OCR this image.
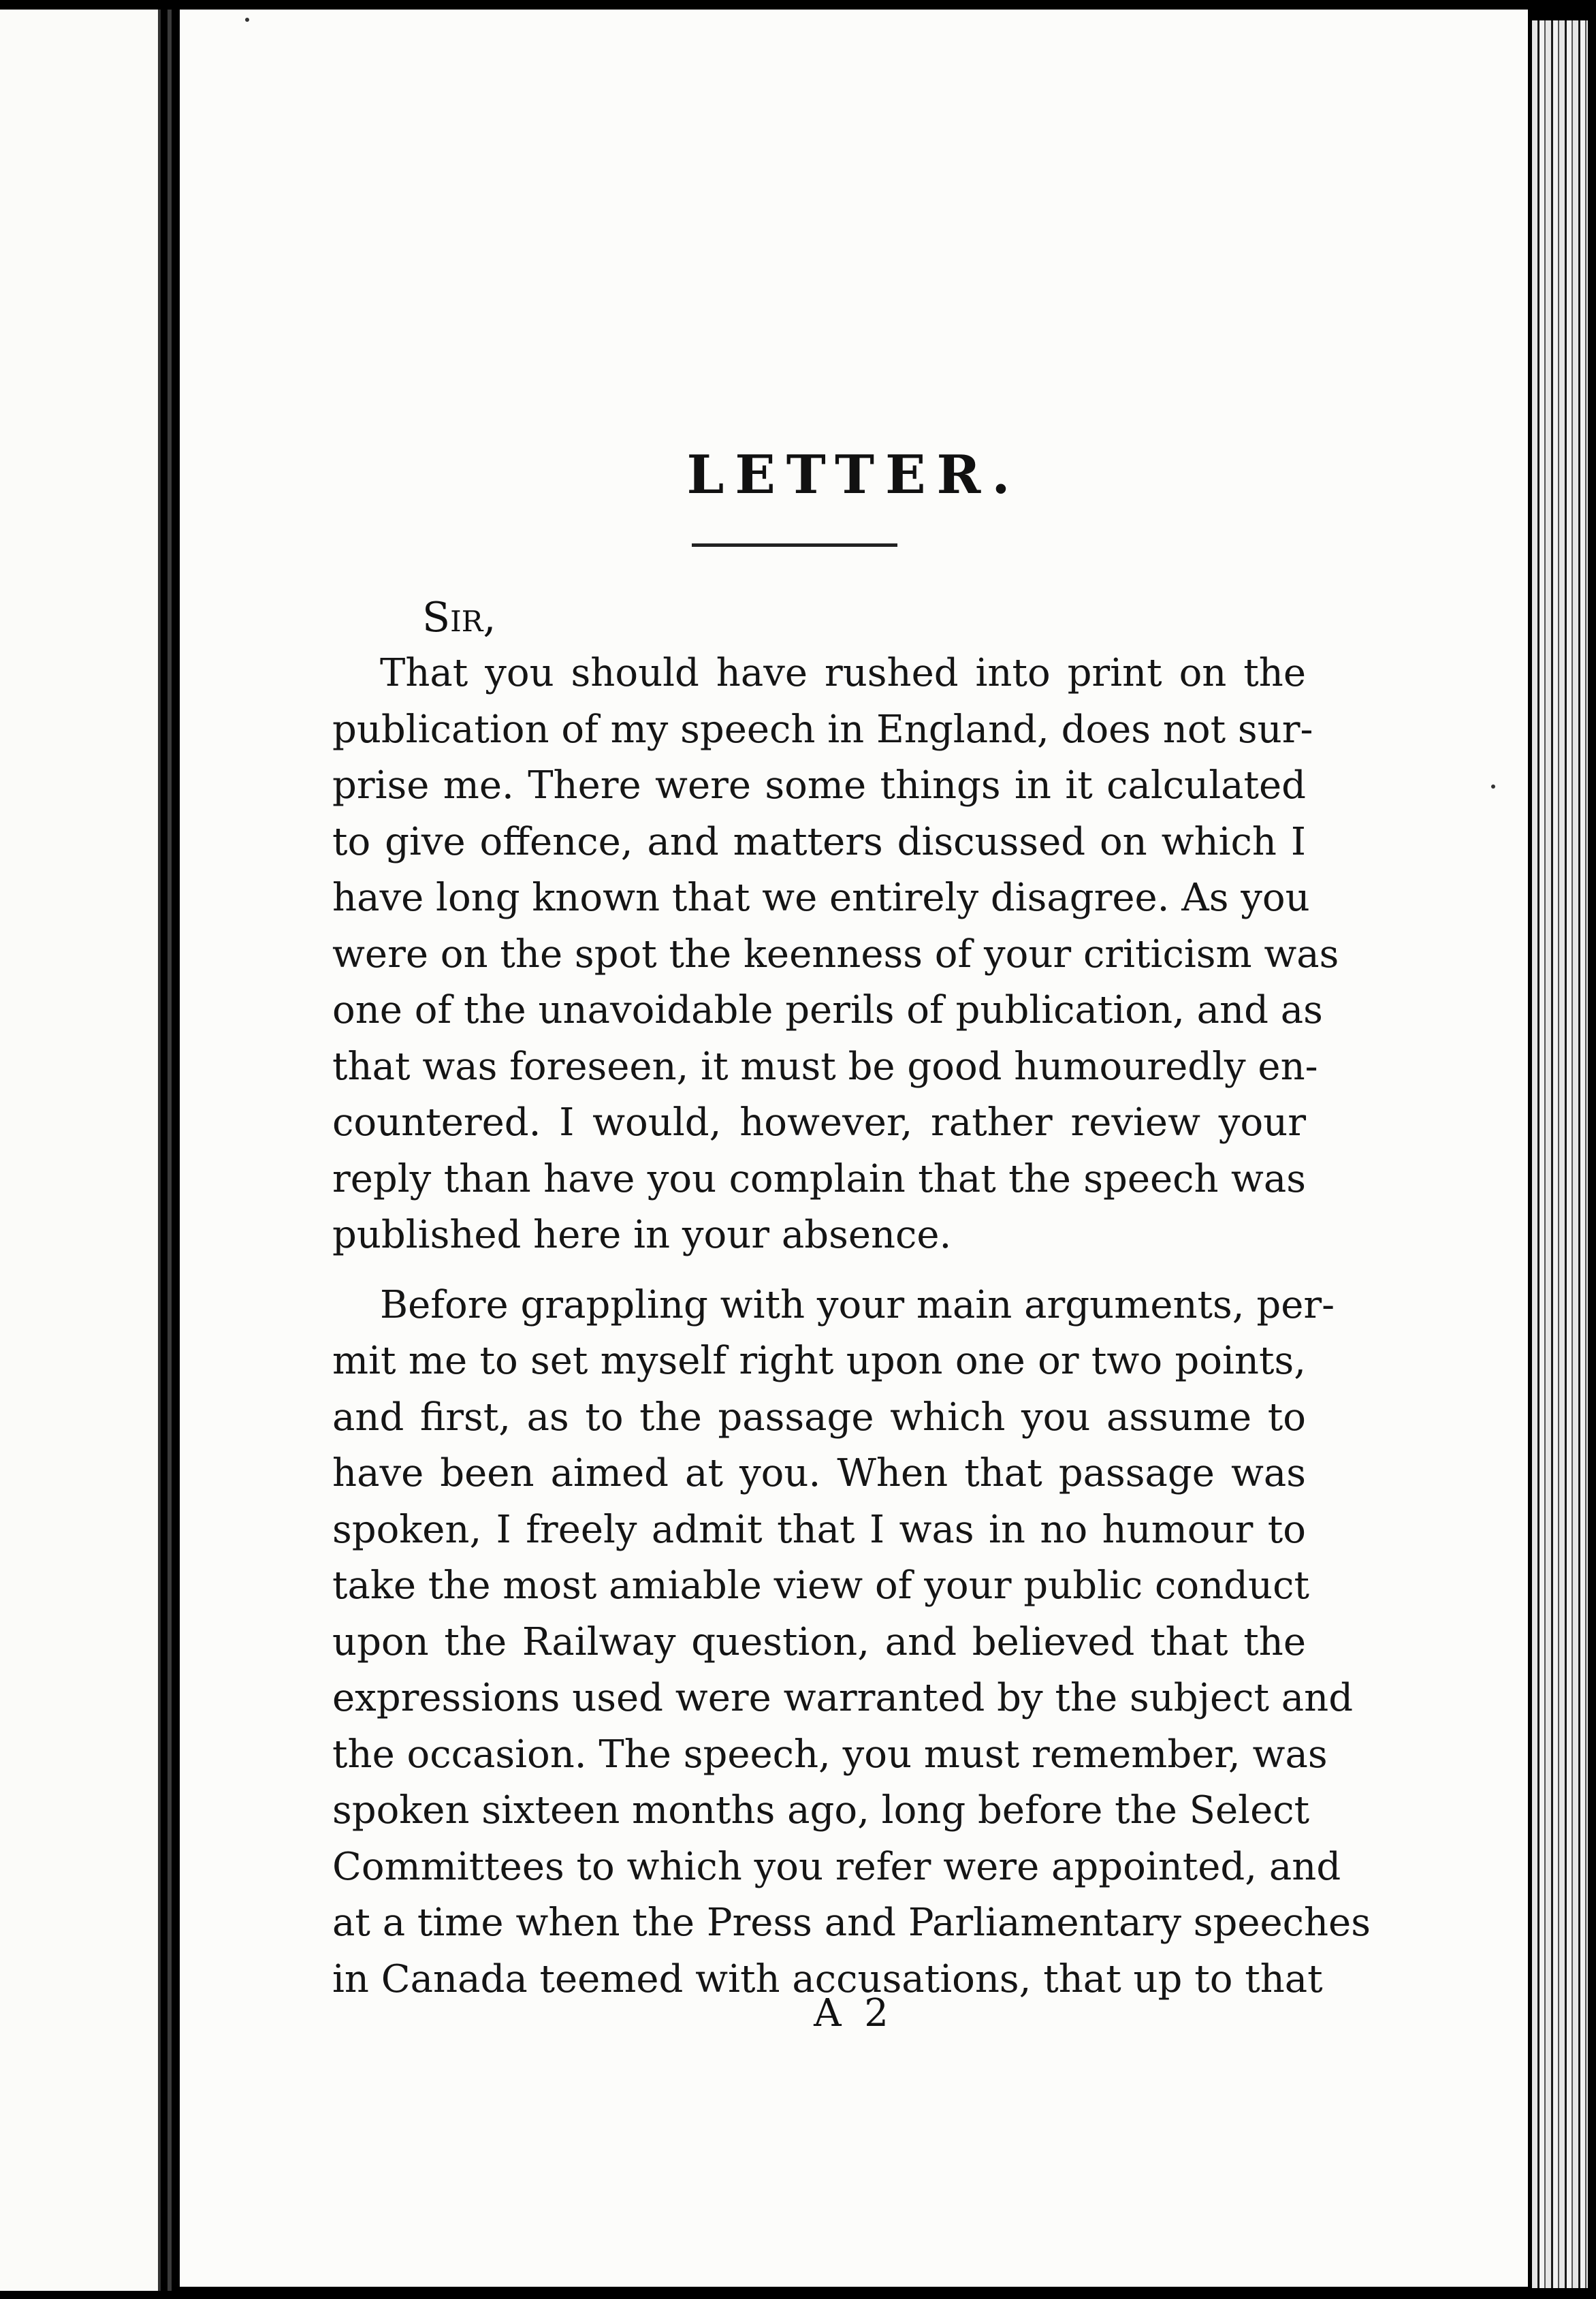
LETTER.

Sir,

That you should have rushed into print on the
publication of my speech in England, does not sur-
prise me. There were some things in it calculated
to give offence, and matters discussed on which I
have long known that we entirely disagree. As you
were on the spot the keenness of your criticism was
one of the unavoidable perils of publication, and as
that was foreseen, it must be good humouredly en-
countered. I would, however, rather review your
reply than have you complain that the speech was
published here in your absence.
Before grappling with your main arguments, per-
mit me to set myself right upon one or two points,
and first, as to the passage which you assume to
have been aimed at you. When that passage was
spoken, I freely admit that I was in no humour to
take the most amiable view of your public conduct
upon the Railway question, and believed that the
expressions used were warranted by the subject and
the occasion. The speech, you must remember, was
spoken sixteen months ago, long before the Select
Committees to which you refer were appointed, and
at a time when the Press and Parliamentary speeches
in Canada teemed with accusations, that up to that
A 2
